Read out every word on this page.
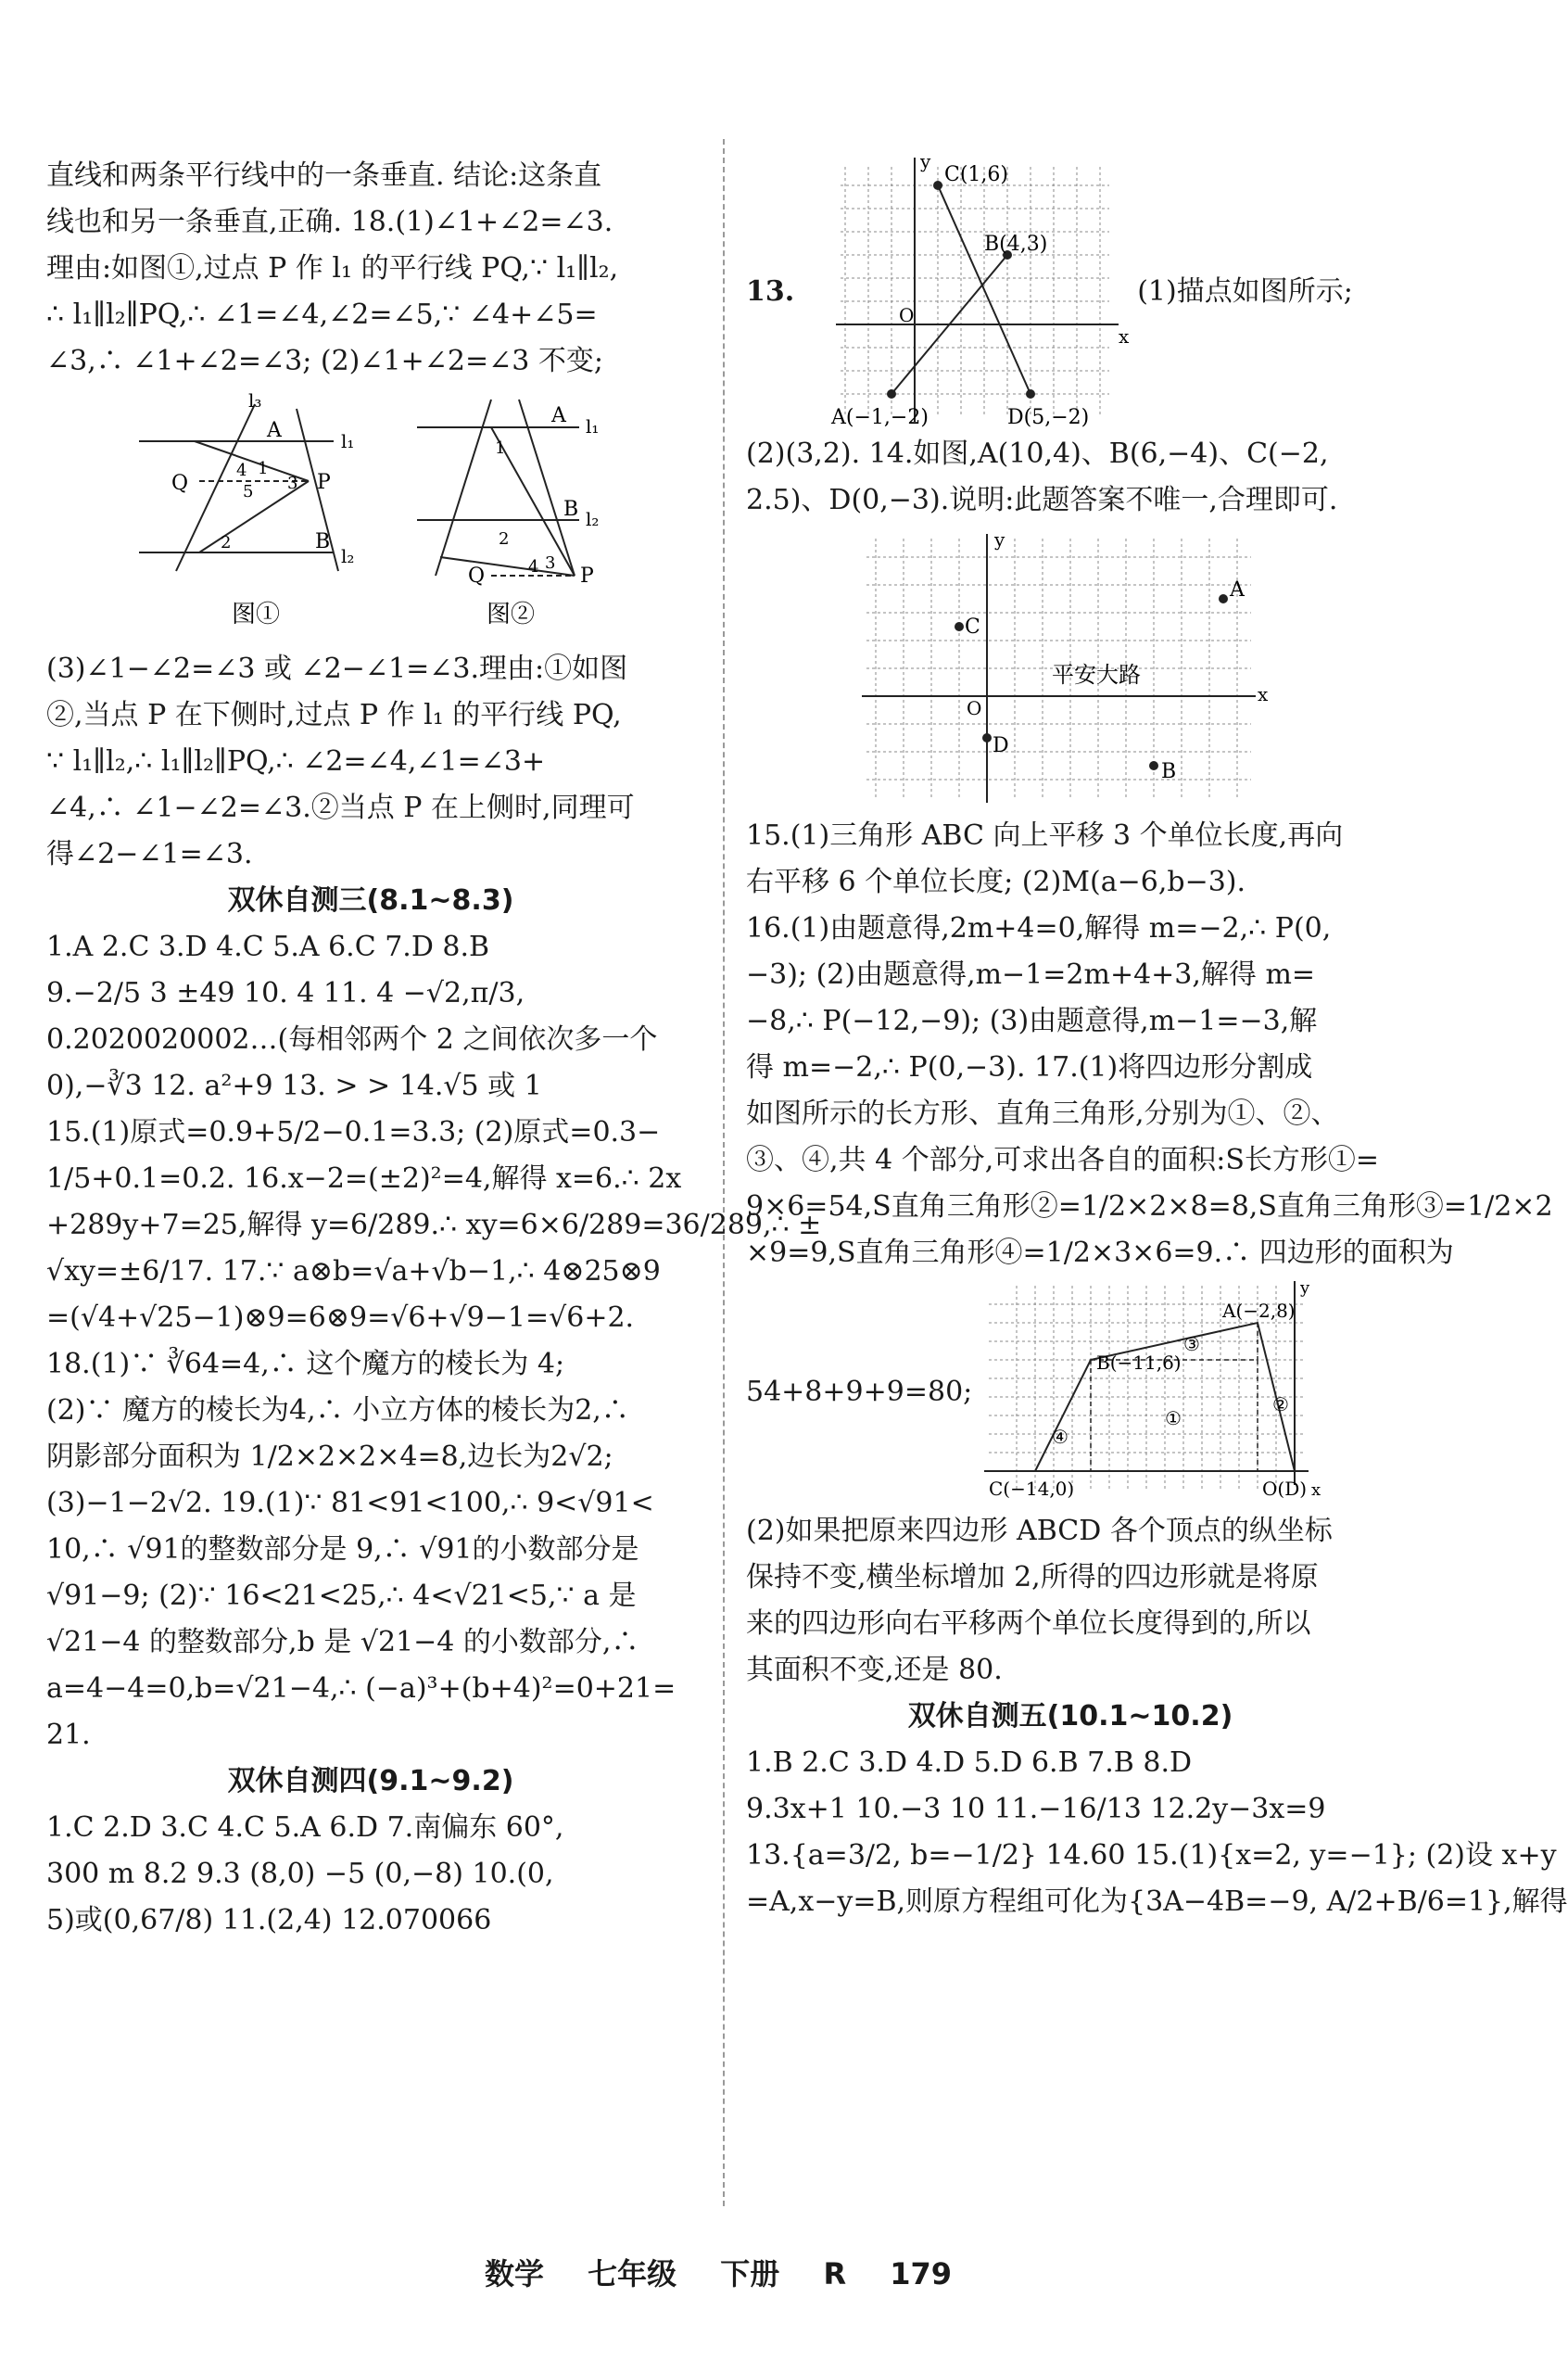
直线和两条平行线中的一条垂直. 结论:这条直
线也和另一条垂直,正确. 18.(1)∠1+∠2=∠3.
理由:如图①,过点 P 作 l₁ 的平行线 PQ,∵ l₁∥l₂,
∴ l₁∥l₂∥PQ,∴ ∠1=∠4,∠2=∠5,∵ ∠4+∠5=
∠3,∴ ∠1+∠2=∠3; (2)∠1+∠2=∠3 不变;
l₃
A	l₁
Q
4 1
5 3 P
2	B
l₂
图①
A l₁
1
B l₂
2
3
Q	4 P
图②
(3)∠1−∠2=∠3 或 ∠2−∠1=∠3.理由:①如图
②,当点 P 在下侧时,过点 P 作 l₁ 的平行线 PQ,
∵ l₁∥l₂,∴ l₁∥l₂∥PQ,∴ ∠2=∠4,∠1=∠3+
∠4,∴ ∠1−∠2=∠3.②当点 P 在上侧时,同理可
得∠2−∠1=∠3.
双休自测三(8.1~8.3)
1.A 2.C 3.D 4.C 5.A 6.C 7.D 8.B
9.−2/5 3 ±49 10. 4 11. 4 −√2,π/3,
0.2020020002…(每相邻两个 2 之间依次多一个
0),−∛3 12. a²+9 13. > > 14.√5 或 1
15.(1)原式=0.9+5/2−0.1=3.3; (2)原式=0.3−
1/5+0.1=0.2. 16.x−2=(±2)²=4,解得 x=6.∴ 2x
+289y+7=25,解得 y=6/289.∴ xy=6×6/289=36/289,∴ ±
√xy=±6/17. 17.∵ a⊗b=√a+√b−1,∴ 4⊗25⊗9
=(√4+√25−1)⊗9=6⊗9=√6+√9−1=√6+2.
18.(1)∵ ∛64=4,∴ 这个魔方的棱长为 4;
(2)∵ 魔方的棱长为4,∴ 小立方体的棱长为2,∴
阴影部分面积为 1/2×2×2×4=8,边长为2√2;
(3)−1−2√2. 19.(1)∵ 81<91<100,∴ 9<√91<
10,∴ √91的整数部分是 9,∴ √91的小数部分是
√91−9; (2)∵ 16<21<25,∴ 4<√21<5,∵ a 是
√21−4 的整数部分,b 是 √21−4 的小数部分,∴
a=4−4=0,b=√21−4,∴ (−a)³+(b+4)²=0+21=
21.
双休自测四(9.1~9.2)
1.C 2.D 3.C 4.C 5.A 6.D 7.南偏东 60°,
300 m 8.2 9.3 (8,0) −5 (0,−8) 10.(0,
5)或(0,67/8) 11.(2,4) 12.070066
13.
y
C(1,6)
B(4,3)
O
x
A(−1,−2)	D(5,−2)
(1)描点如图所示;
(2)(3,2). 14.如图,A(10,4)、B(6,−4)、C(−2,
2.5)、D(0,−3).说明:此题答案不唯一,合理即可.
y
A
C
平安大路
O
x
D
B
15.(1)三角形 ABC 向上平移 3 个单位长度,再向
右平移 6 个单位长度; (2)M(a−6,b−3).
16.(1)由题意得,2m+4=0,解得 m=−2,∴ P(0,
−3); (2)由题意得,m−1=2m+4+3,解得 m=
−8,∴ P(−12,−9); (3)由题意得,m−1=−3,解
得 m=−2,∴ P(0,−3). 17.(1)将四边形分割成
如图所示的长方形、直角三角形,分别为①、②、
③、④,共 4 个部分,可求出各自的面积:S长方形①=
9×6=54,S直角三角形②=1/2×2×8=8,S直角三角形③=1/2×2
×9=9,S直角三角形④=1/2×3×6=9.∴ 四边形的面积为
54+8+9+9=80;
y
A(−2,8)
B(−11,6)
C(−14,0)	O(D) x
①
②
③
④
(2)如果把原来四边形 ABCD 各个顶点的纵坐标
保持不变,横坐标增加 2,所得的四边形就是将原
来的四边形向右平移两个单位长度得到的,所以
其面积不变,还是 80.
双休自测五(10.1~10.2)
1.B 2.C 3.D 4.D 5.D 6.B 7.B 8.D
9.3x+1 10.−3 10 11.−16/13 12.2y−3x=9
13.{a=3/2, b=−1/2} 14.60 15.(1){x=2, y=−1}; (2)设 x+y
=A,x−y=B,则原方程组可化为{3A−4B=−9, A/2+B/6=1},解得
数学 七年级 下册 R 179
